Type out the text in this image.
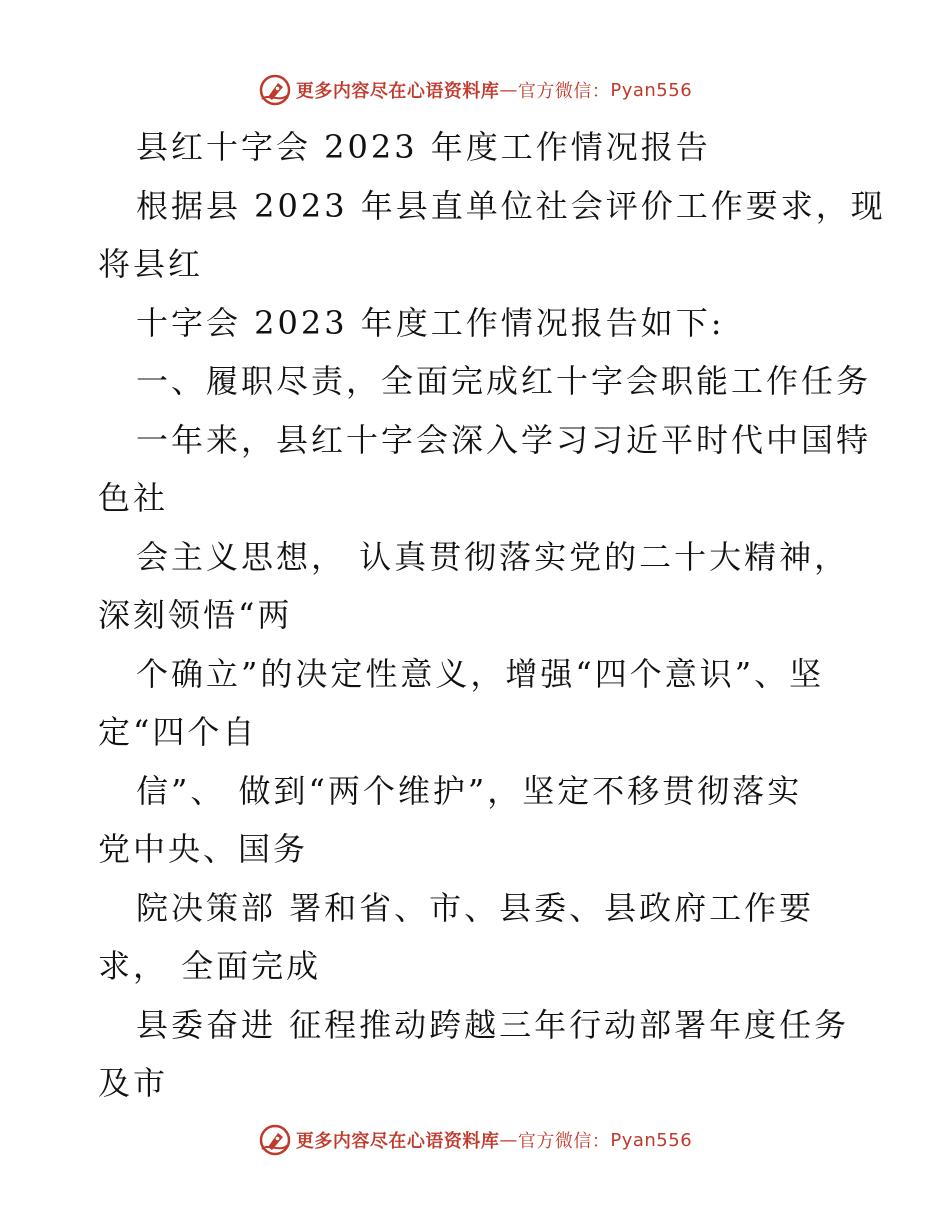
更多内容尽在心语资料库 — 官方微信： Pyan556
县红十字会 2023 年度工作情况报告
根据县 2023 年县直单位社会评价工作要求，现
将县红
十字会 2023 年度工作情况报告如下:
一、履职尽责，全面完成红十字会职能工作任务
一年来，县红十字会深入学习习近平时代中国特
色社
会主义思想， 认真贯彻落实党的二十大精神，
深刻领悟“两
个确立”的决定性意义，增强“四个意识”、坚
定“四个自
信”、 做到“两个维护”，坚定不移贯彻落实
党中央、国务
院决策部 署和省、市、县委、县政府工作要
求， 全面完成
县委奋进 征程推动跨越三年行动部署年度任务
及市
更多内容尽在心语资料库 — 官方微信： Pyan556
